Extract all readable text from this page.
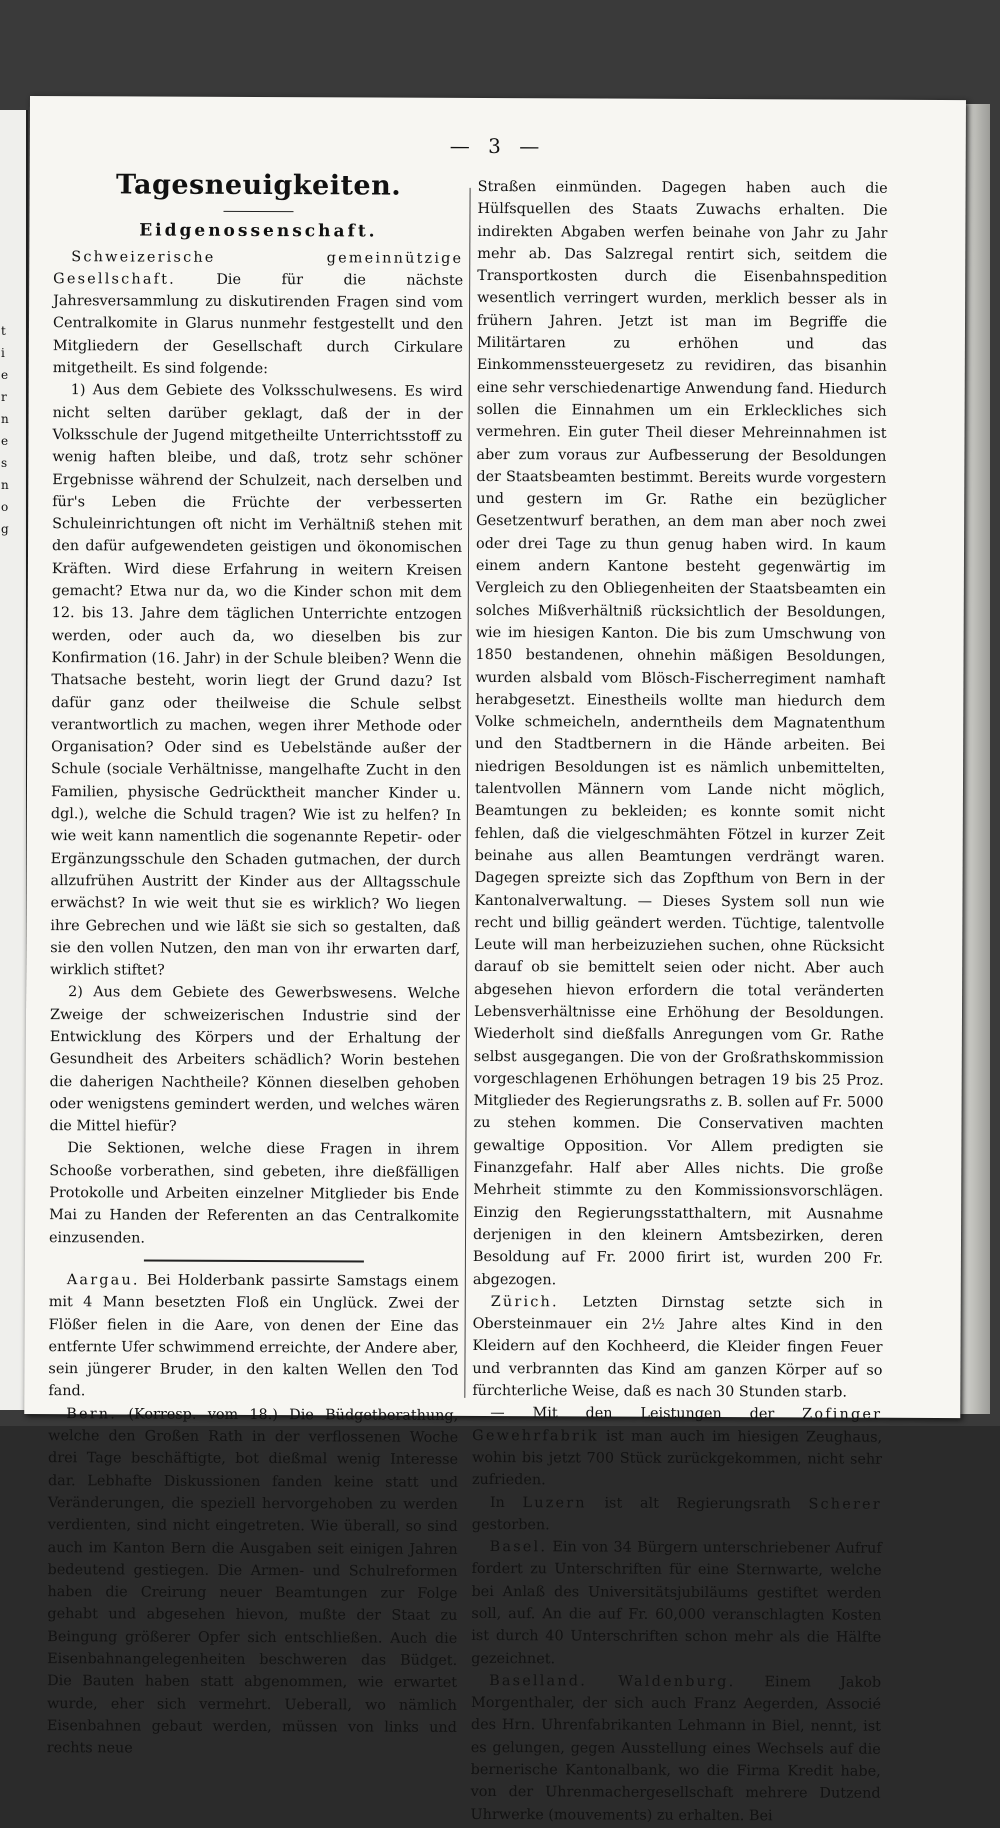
t
i
e
r
n
e
s
n
o
g
— 3 —
Tagesneuigkeiten.
Eidgenossenschaft.

Schweizerische gemeinnützige Gesellschaft.	Die für die nächste Jahresversammlung zu diskutirenden Fragen sind vom Centralkomite in Glarus nunmehr festgestellt und den Mitgliedern der Gesellschaft durch Cirkulare mitgetheilt. Es sind folgende:

1) Aus dem Gebiete des Volksschulwesens. Es wird nicht selten darüber geklagt, daß der in der Volksschule der Jugend mitgetheilte Unterrichtsstoff zu wenig haften bleibe, und daß, trotz sehr schöner Ergebnisse während der Schulzeit, nach derselben und für's Leben die Früchte der verbesserten Schuleinrichtungen oft nicht im Verhältniß stehen mit den dafür aufgewendeten geistigen und ökonomischen Kräften. Wird diese Erfahrung in weitern Kreisen gemacht? Etwa nur da, wo die Kinder schon mit dem 12. bis 13. Jahre dem täglichen Unterrichte entzogen werden, oder auch da, wo dieselben bis zur Konfirmation (16. Jahr) in der Schule bleiben? Wenn die Thatsache besteht, worin liegt der Grund dazu? Ist dafür ganz oder theilweise die Schule selbst verantwortlich zu machen, wegen ihrer Methode oder Organisation? Oder sind es Uebelstände außer der Schule (sociale Verhältnisse, mangelhafte Zucht in den Familien, physische Gedrücktheit mancher Kinder u. dgl.), welche die Schuld tragen? Wie ist zu helfen? In wie weit kann namentlich die sogenannte Repetir- oder Ergänzungsschule den Schaden gutmachen, der durch allzufrühen Austritt der Kinder aus der Alltagsschule erwächst? In wie weit thut sie es wirklich? Wo liegen ihre Gebrechen und wie läßt sie sich so gestalten, daß sie den vollen Nutzen, den man von ihr erwarten darf, wirklich stiftet?

2) Aus dem Gebiete des Gewerbswesens. Welche Zweige der schweizerischen Industrie sind der Entwicklung des Körpers und der Erhaltung der Gesundheit des Arbeiters schädlich? Worin bestehen die daherigen Nachtheile? Können dieselben gehoben oder wenigstens gemindert werden, und welches wären die Mittel hiefür?

Die Sektionen, welche diese Fragen in ihrem Schooße vorberathen, sind gebeten, ihre dießfälligen Protokolle und Arbeiten einzelner Mitglieder bis Ende Mai zu Handen der Referenten an das Centralkomite einzusenden.

Aargau. Bei Holderbank passirte Samstags einem mit 4 Mann besetzten Floß ein Unglück. Zwei der Flößer fielen in die Aare, von denen der Eine das entfernte Ufer schwimmend erreichte, der Andere aber, sein jüngerer Bruder, in den kalten Wellen den Tod fand.

Bern. (Korresp. vom 18.) Die Büdgetberathung, welche den Großen Rath in der verflossenen Woche drei Tage beschäftigte, bot dießmal wenig Interesse dar. Lebhafte Diskussionen fanden keine statt und Veränderungen, die speziell hervorgehoben zu werden verdienten, sind nicht eingetreten. Wie überall, so sind auch im Kanton Bern die Ausgaben seit einigen Jahren bedeutend gestiegen. Die Armen- und Schulreformen haben die Creirung neuer Beamtungen zur Folge gehabt und abgesehen hievon, mußte der Staat zu Beingung größerer Opfer sich entschließen. Auch die Eisenbahnangelegenheiten beschweren das Büdget. Die Bauten haben statt abgenommen, wie erwartet wurde, eher sich vermehrt. Ueberall, wo nämlich Eisenbahnen gebaut werden, müssen von links und rechts neue

Straßen einmünden. Dagegen haben auch die Hülfsquellen des Staats Zuwachs erhalten. Die indirekten Abgaben werfen beinahe von Jahr zu Jahr mehr ab. Das Salzregal rentirt sich, seitdem die Transportkosten durch die Eisenbahnspedition wesentlich verringert wurden, merklich besser als in frühern Jahren. Jetzt ist man im Begriffe die Militärtaren zu erhöhen und das Einkommenssteuergesetz zu revidiren, das bisanhin eine sehr verschiedenartige Anwendung fand. Hiedurch sollen die Einnahmen um ein Erkleckliches sich vermehren. Ein guter Theil dieser Mehreinnahmen ist aber zum voraus zur Aufbesserung der Besoldungen der Staatsbeamten bestimmt. Bereits wurde vorgestern und gestern im Gr. Rathe ein bezüglicher Gesetzentwurf berathen, an dem man aber noch zwei oder drei Tage zu thun genug haben wird. In kaum einem andern Kantone besteht gegenwärtig im Vergleich zu den Obliegenheiten der Staatsbeamten ein solches Mißverhältniß rücksichtlich der Besoldungen, wie im hiesigen Kanton. Die bis zum Umschwung von 1850 bestandenen, ohnehin mäßigen Besoldungen, wurden alsbald vom Blösch-Fischerregiment namhaft herabgesetzt. Einestheils wollte man hiedurch dem Volke schmeicheln, anderntheils dem Magnatenthum und den Stadtbernern in die Hände arbeiten. Bei niedrigen Besoldungen ist es nämlich unbemittelten, talentvollen Männern vom Lande nicht möglich, Beamtungen zu bekleiden; es konnte somit nicht fehlen, daß die vielgeschmähten Fötzel in kurzer Zeit beinahe aus allen Beamtungen verdrängt waren. Dagegen spreizte sich das Zopfthum von Bern in der Kantonalverwaltung. — Dieses System soll nun wie recht und billig geändert werden. Tüchtige, talentvolle Leute will man herbeizuziehen suchen, ohne Rücksicht darauf ob sie bemittelt seien oder nicht. Aber auch abgesehen hievon erfordern die total veränderten Lebensverhältnisse eine Erhöhung der Besoldungen. Wiederholt sind dießfalls Anregungen vom Gr. Rathe selbst ausgegangen. Die von der Großrathskommission vorgeschlagenen Erhöhungen betragen 19 bis 25 Proz. Mitglieder des Regierungsraths z. B. sollen auf Fr. 5000 zu stehen kommen. Die Conservativen machten gewaltige Opposition. Vor Allem predigten sie Finanzgefahr. Half aber Alles nichts. Die große Mehrheit stimmte zu den Kommissionsvorschlägen. Einzig den Regierungsstatthaltern, mit Ausnahme derjenigen in den kleinern Amtsbezirken, deren Besoldung auf Fr. 2000 firirt ist, wurden 200 Fr. abgezogen.

Zürich. Letzten Dirnstag setzte sich in Obersteinmauer ein 2½ Jahre altes Kind in den Kleidern auf den Kochheerd, die Kleider fingen Feuer und verbrannten das Kind am ganzen Körper auf so fürchterliche Weise, daß es nach 30 Stunden starb.

— Mit den Leistungen der Zofinger Gewehrfabrik ist man auch im hiesigen Zeughaus, wohin bis jetzt 700 Stück zurückgekommen, nicht sehr zufrieden.

In Luzern ist alt Regierungsrath Scherer gestorben.

Basel. Ein von 34 Bürgern unterschriebener Aufruf fordert zu Unterschriften für eine Sternwarte, welche bei Anlaß des Universitätsjubiläums gestiftet werden soll, auf. An die auf Fr. 60,000 veranschlagten Kosten ist durch 40 Unterschriften schon mehr als die Hälfte gezeichnet.

Baselland. Waldenburg. Einem Jakob Morgenthaler, der sich auch Franz Aegerden, Associé des Hrn. Uhrenfabrikanten Lehmann in Biel, nennt, ist es gelungen, gegen Ausstellung eines Wechsels auf die bernerische Kantonalbank, wo die Firma Kredit habe, von der Uhrenmachergesellschaft mehrere Dutzend Uhrwerke (mouvements) zu erhalten. Bei
